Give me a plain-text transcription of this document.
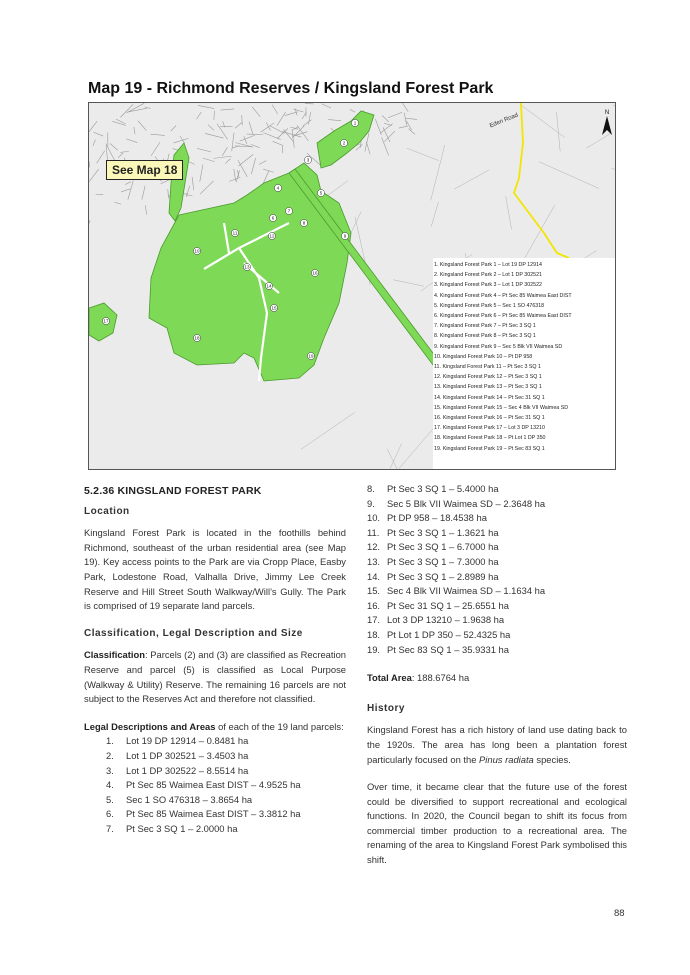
Map 19 - Richmond Reserves / Kingsland Forest Park
1
2
3
4
5
6
7
8
9
10
11
12
13
14
15
16
17
18
19
See Map 18
N
Eden Road
1. Kingsland Forest Park 1 – Lot 19 DP 12914
2. Kingsland Forest Park 2 – Lot 1 DP 302521
3. Kingsland Forest Park 3 – Lot 1 DP 302522
4. Kingsland Forest Park 4 – Pt Sec 85 Waimea East DIST
5. Kingsland Forest Park 5 – Sec 1 SO 476318
6. Kingsland Forest Park 6 – Pt Sec 85 Waimea East DIST
7. Kingsland Forest Park 7 – Pt Sec 3 SQ 1
8. Kingsland Forest Park 8 – Pt Sec 3 SQ 1
9. Kingsland Forest Park 9 – Sec 5 Blk VII Waimea SD
10. Kingsland Forest Park 10 – Pt DP 958
11. Kingsland Forest Park 11 – Pt Sec 3 SQ 1
12. Kingsland Forest Park 12 – Pt Sec 3 SQ 1
13. Kingsland Forest Park 13 – Pt Sec 3 SQ 1
14. Kingsland Forest Park 14 – Pt Sec 31 SQ 1
15. Kingsland Forest Park 15 – Sec 4 Blk VII Waimea SD
16. Kingsland Forest Park 16 – Pt Sec 31 SQ 1
17. Kingsland Forest Park 17 – Lot 3 DP 13210
18. Kingsland Forest Park 18 – Pt Lot 1 DP 350
19. Kingsland Forest Park 19 – Pt Sec 83 SQ 1
5.2.36 KINGSLAND FOREST PARK
Location

Kingsland Forest Park is located in the foothills behind Richmond, southeast of the urban residential area (see Map 19). Key access points to the Park are via Cropp Place, Easby Park, Lodestone Road, Valhalla Drive, Jimmy Lee Creek Reserve and Hill Street South Walkway/Will’s Gully. The Park is comprised of 19 separate land parcels.

Classification, Legal Description and Size

Classification: Parcels (2) and (3) are classified as Recreation Reserve and parcel (5) is classified as Local Purpose (Walkway & Utility) Reserve. The remaining 16 parcels are not subject to the Reserves Act and therefore not classified.

Legal Descriptions and Areas of each of the 19 land parcels:

1. Lot 19 DP 12914 – 0.8481 ha
2. Lot 1 DP 302521 – 3.4503 ha
3. Lot 1 DP 302522 – 8.5514 ha
4. Pt Sec 85 Waimea East DIST – 4.9525 ha
5. Sec 1 SO 476318 – 3.8654 ha
6. Pt Sec 85 Waimea East DIST – 3.3812 ha
7. Pt Sec 3 SQ 1 – 2.0000 ha
8. Pt Sec 3 SQ 1 – 5.4000 ha
9. Sec 5 Blk VII Waimea SD – 2.3648 ha
10. Pt DP 958 – 18.4538 ha
11. Pt Sec 3 SQ 1 – 1.3621 ha
12. Pt Sec 3 SQ 1 – 6.7000 ha
13. Pt Sec 3 SQ 1 – 7.3000 ha
14. Pt Sec 3 SQ 1 – 2.8989 ha
15. Sec 4 Blk VII Waimea SD – 1.1634 ha
16. Pt Sec 31 SQ 1 – 25.6551 ha
17. Lot 3 DP 13210 – 1.9638 ha
18. Pt Lot 1 DP 350 – 52.4325 ha
19. Pt Sec 83 SQ 1 – 35.9331 ha

Total Area: 188.6764 ha

History

Kingsland Forest has a rich history of land use dating back to the 1920s. The area has long been a plantation forest particularly focused on the Pinus radiata species.

Over time, it became clear that the future use of the forest could be diversified to support recreational and ecological functions. In 2020, the Council began to shift its focus from commercial timber production to a recreational area. The renaming of the area to Kingsland Forest Park symbolised this shift.

88
